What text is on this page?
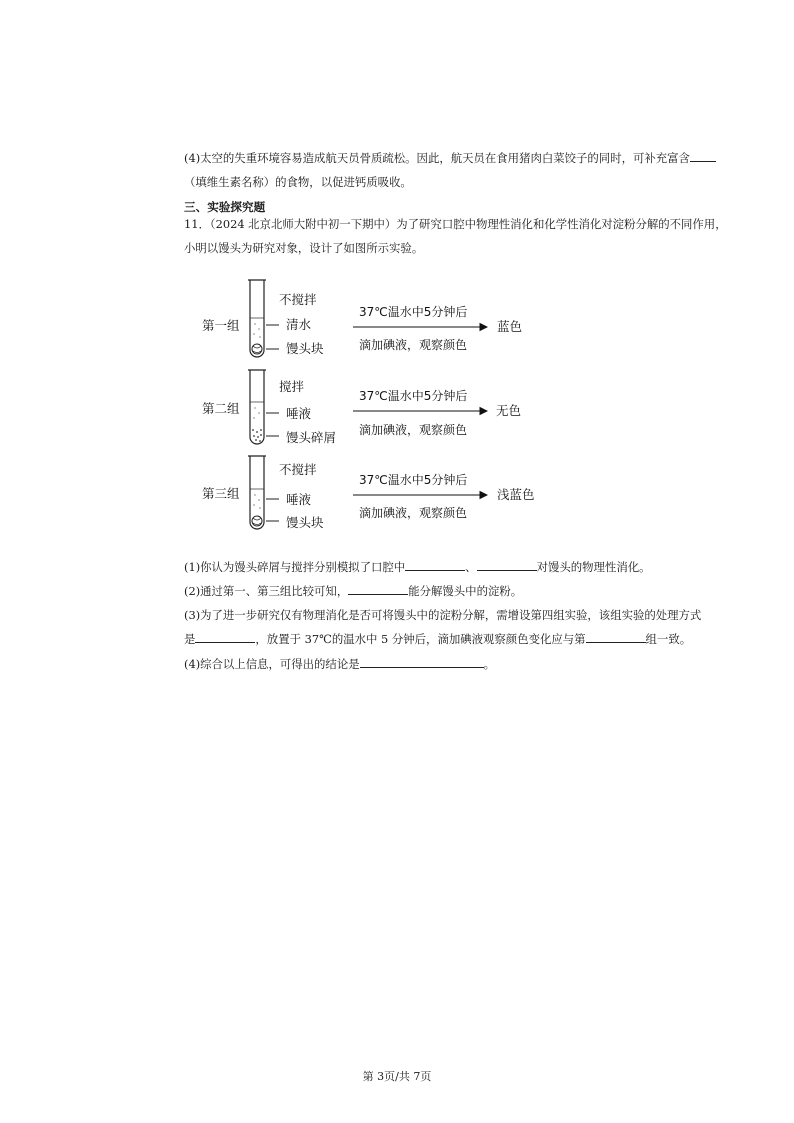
(4)太空的失重环境容易造成航天员骨质疏松。因此，航天员在食用猪肉白菜饺子的同时，可补充富含
（填维生素名称）的食物，以促进钙质吸收。
三、实验探究题
11．（2024 北京北师大附中初一下期中）为了研究口腔中物理性消化和化学性消化对淀粉分解的不同作用，
小明以馒头为研究对象，设计了如图所示实验。
第一组
不搅拌
清水
馒头块
37℃温水中5分钟后
滴加碘液，观察颜色
蓝色
第二组
搅拌
唾液
馒头碎屑
37℃温水中5分钟后
滴加碘液，观察颜色
无色
第三组
不搅拌
唾液
馒头块
37℃温水中5分钟后
滴加碘液，观察颜色
浅蓝色
(1)你认为馒头碎屑与搅拌分别模拟了口腔中	、	对馒头的物理性消化。
(2)通过第一、第三组比较可知，	能分解馒头中的淀粉。
(3)为了进一步研究仅有物理消化是否可将馒头中的淀粉分解，需增设第四组实验，该组实验的处理方式
是	，放置于 37℃的温水中 5 分钟后，滴加碘液观察颜色变化应与第	组一致。
(4)综合以上信息，可得出的结论是	。
第 3页/共 7页
